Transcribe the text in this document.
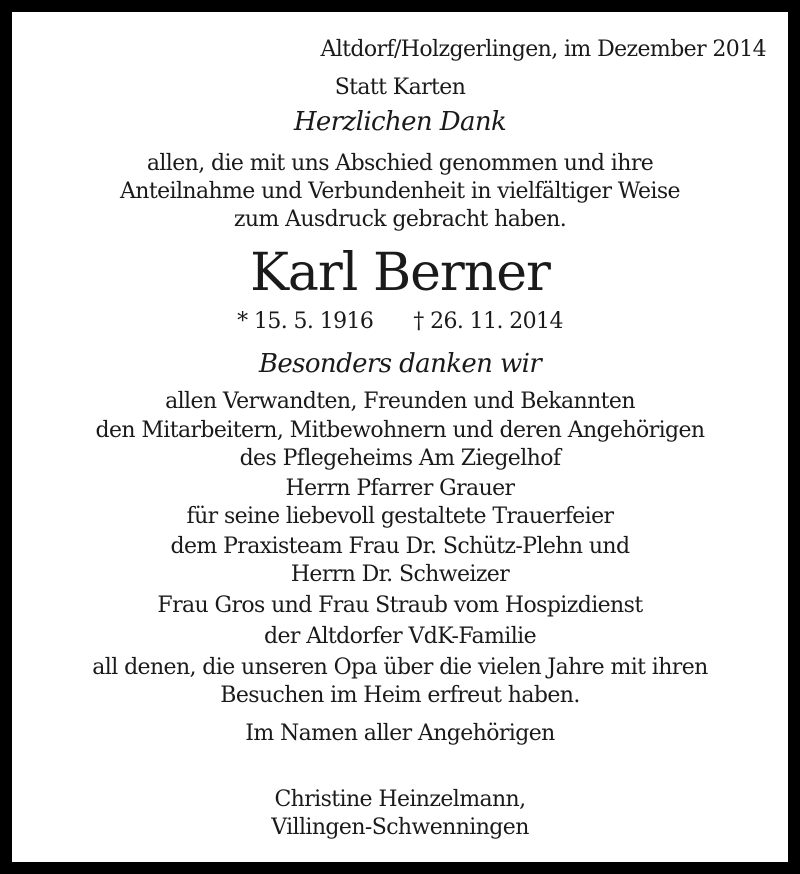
Altdorf/Holzgerlingen, im Dezember 2014
Statt Karten
Herzlichen Dank
allen, die mit uns Abschied genommen und ihre
Anteilnahme und Verbundenheit in vielfältiger Weise
zum Ausdruck gebracht haben.
Karl Berner
* 15. 5. 1916 † 26. 11. 2014
Besonders danken wir
allen Verwandten, Freunden und Bekannten
den Mitarbeitern, Mitbewohnern und deren Angehörigen
des Pflegeheims Am Ziegelhof
Herrn Pfarrer Grauer
für seine liebevoll gestaltete Trauerfeier
dem Praxisteam Frau Dr. Schütz-Plehn und
Herrn Dr. Schweizer
Frau Gros und Frau Straub vom Hospizdienst
der Altdorfer VdK-Familie
all denen, die unseren Opa über die vielen Jahre mit ihren
Besuchen im Heim erfreut haben.
Im Namen aller Angehörigen
Christine Heinzelmann,
Villingen-Schwenningen
